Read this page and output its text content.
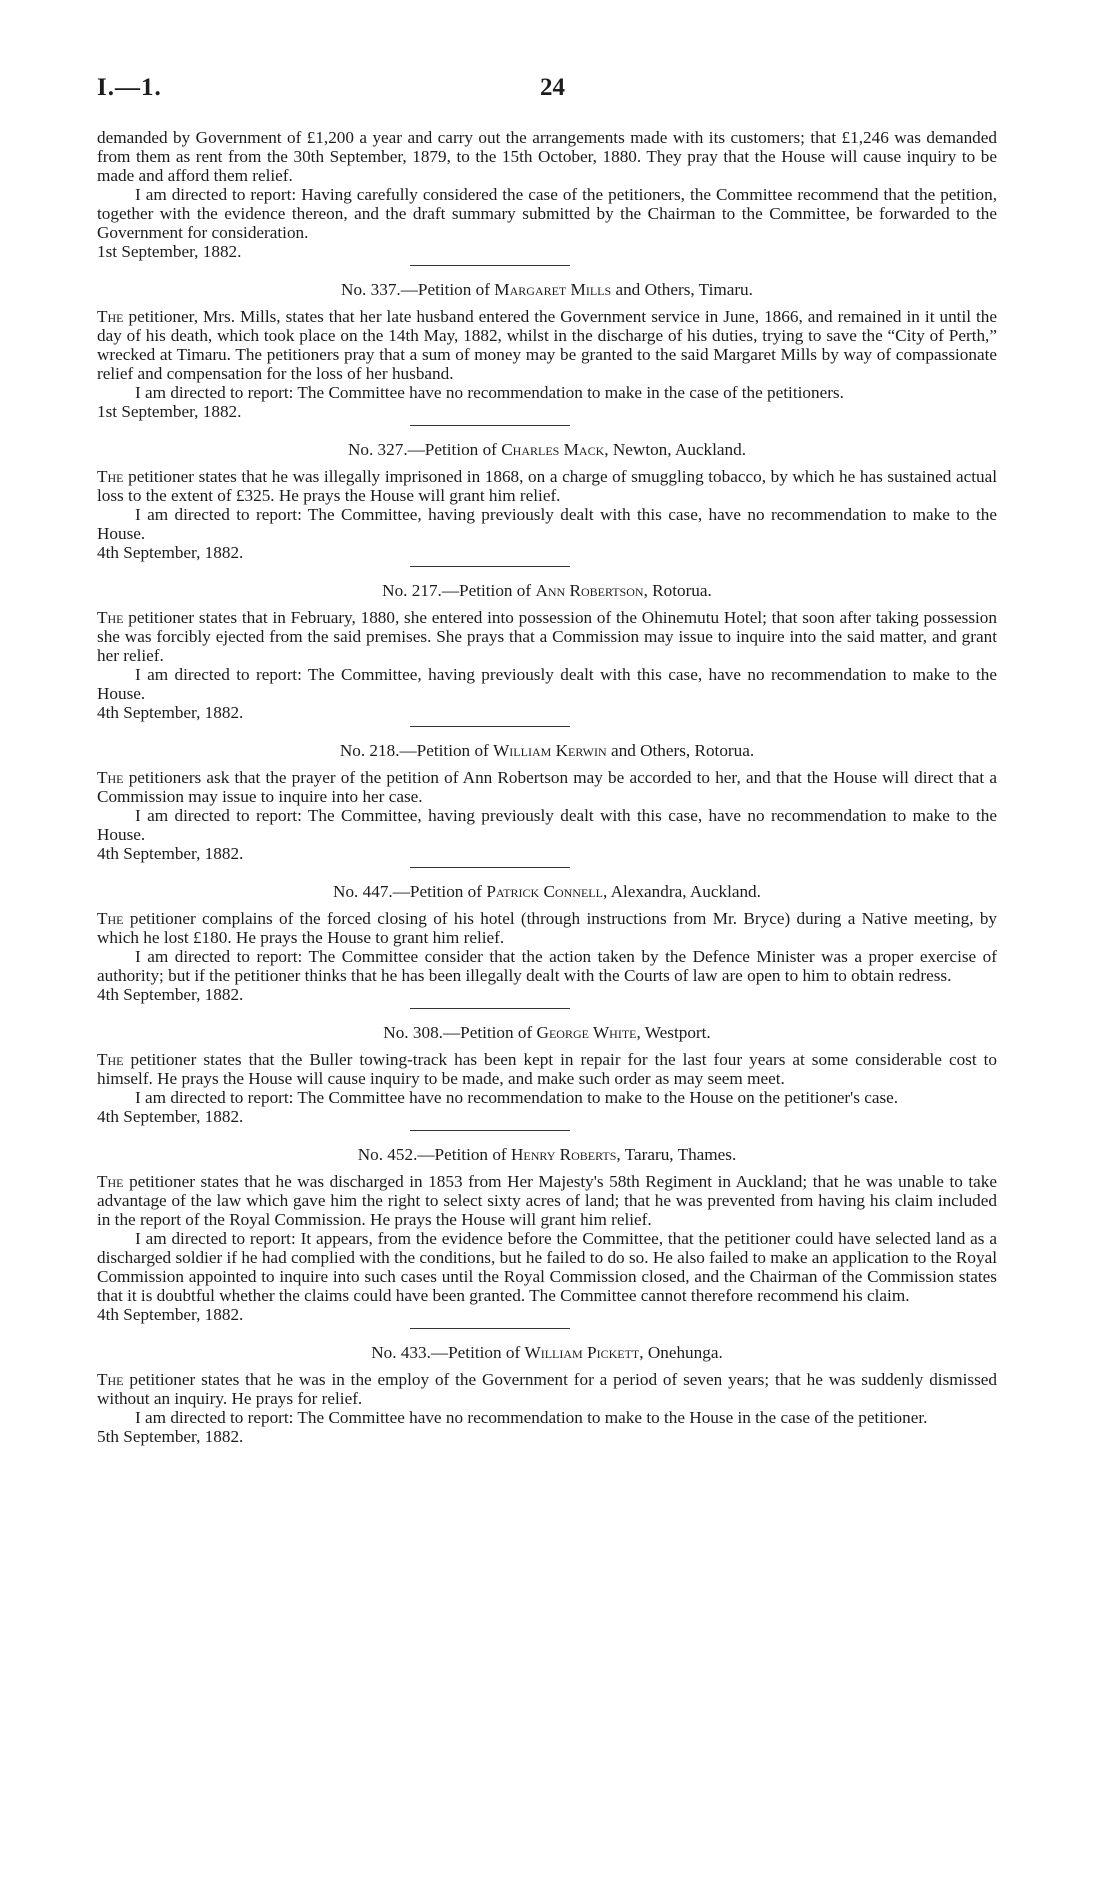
I.—1.	24

demanded by Government of £1,200 a year and carry out the arrangements made with its customers; that £1,246 was demanded from them as rent from the 30th September, 1879, to the 15th October, 1880. They pray that the House will cause inquiry to be made and afford them relief.

I am directed to report: Having carefully considered the case of the petitioners, the Committee recommend that the petition, together with the evidence thereon, and the draft summary submitted by the Chairman to the Committee, be forwarded to the Government for consideration.

1st September, 1882.

No. 337.—Petition of Margaret Mills and Others, Timaru.

The petitioner, Mrs. Mills, states that her late husband entered the Government service in June, 1866, and remained in it until the day of his death, which took place on the 14th May, 1882, whilst in the discharge of his duties, trying to save the “City of Perth,” wrecked at Timaru. The petitioners pray that a sum of money may be granted to the said Margaret Mills by way of compassionate relief and compensation for the loss of her husband.

I am directed to report: The Committee have no recommendation to make in the case of the petitioners.

1st September, 1882.

No. 327.—Petition of Charles Mack, Newton, Auckland.

The petitioner states that he was illegally imprisoned in 1868, on a charge of smuggling tobacco, by which he has sustained actual loss to the extent of £325. He prays the House will grant him relief.

I am directed to report: The Committee, having previously dealt with this case, have no recommendation to make to the House.

4th September, 1882.

No. 217.—Petition of Ann Robertson, Rotorua.

The petitioner states that in February, 1880, she entered into possession of the Ohinemutu Hotel; that soon after taking possession she was forcibly ejected from the said premises. She prays that a Commission may issue to inquire into the said matter, and grant her relief.

I am directed to report: The Committee, having previously dealt with this case, have no recommendation to make to the House.

4th September, 1882.

No. 218.—Petition of William Kerwin and Others, Rotorua.

The petitioners ask that the prayer of the petition of Ann Robertson may be accorded to her, and that the House will direct that a Commission may issue to inquire into her case.

I am directed to report: The Committee, having previously dealt with this case, have no recommendation to make to the House.

4th September, 1882.

No. 447.—Petition of Patrick Connell, Alexandra, Auckland.

The petitioner complains of the forced closing of his hotel (through instructions from Mr. Bryce) during a Native meeting, by which he lost £180. He prays the House to grant him relief.

I am directed to report: The Committee consider that the action taken by the Defence Minister was a proper exercise of authority; but if the petitioner thinks that he has been illegally dealt with the Courts of law are open to him to obtain redress.

4th September, 1882.

No. 308.—Petition of George White, Westport.

The petitioner states that the Buller towing-track has been kept in repair for the last four years at some considerable cost to himself. He prays the House will cause inquiry to be made, and make such order as may seem meet.

I am directed to report: The Committee have no recommendation to make to the House on the petitioner's case.

4th September, 1882.

No. 452.—Petition of Henry Roberts, Tararu, Thames.

The petitioner states that he was discharged in 1853 from Her Majesty's 58th Regiment in Auckland; that he was unable to take advantage of the law which gave him the right to select sixty acres of land; that he was prevented from having his claim included in the report of the Royal Commission. He prays the House will grant him relief.

I am directed to report: It appears, from the evidence before the Committee, that the petitioner could have selected land as a discharged soldier if he had complied with the conditions, but he failed to do so. He also failed to make an application to the Royal Commission appointed to inquire into such cases until the Royal Commission closed, and the Chairman of the Commission states that it is doubtful whether the claims could have been granted. The Committee cannot therefore recommend his claim.

4th September, 1882.

No. 433.—Petition of William Pickett, Onehunga.

The petitioner states that he was in the employ of the Government for a period of seven years; that he was suddenly dismissed without an inquiry. He prays for relief.

I am directed to report: The Committee have no recommendation to make to the House in the case of the petitioner.

5th September, 1882.
